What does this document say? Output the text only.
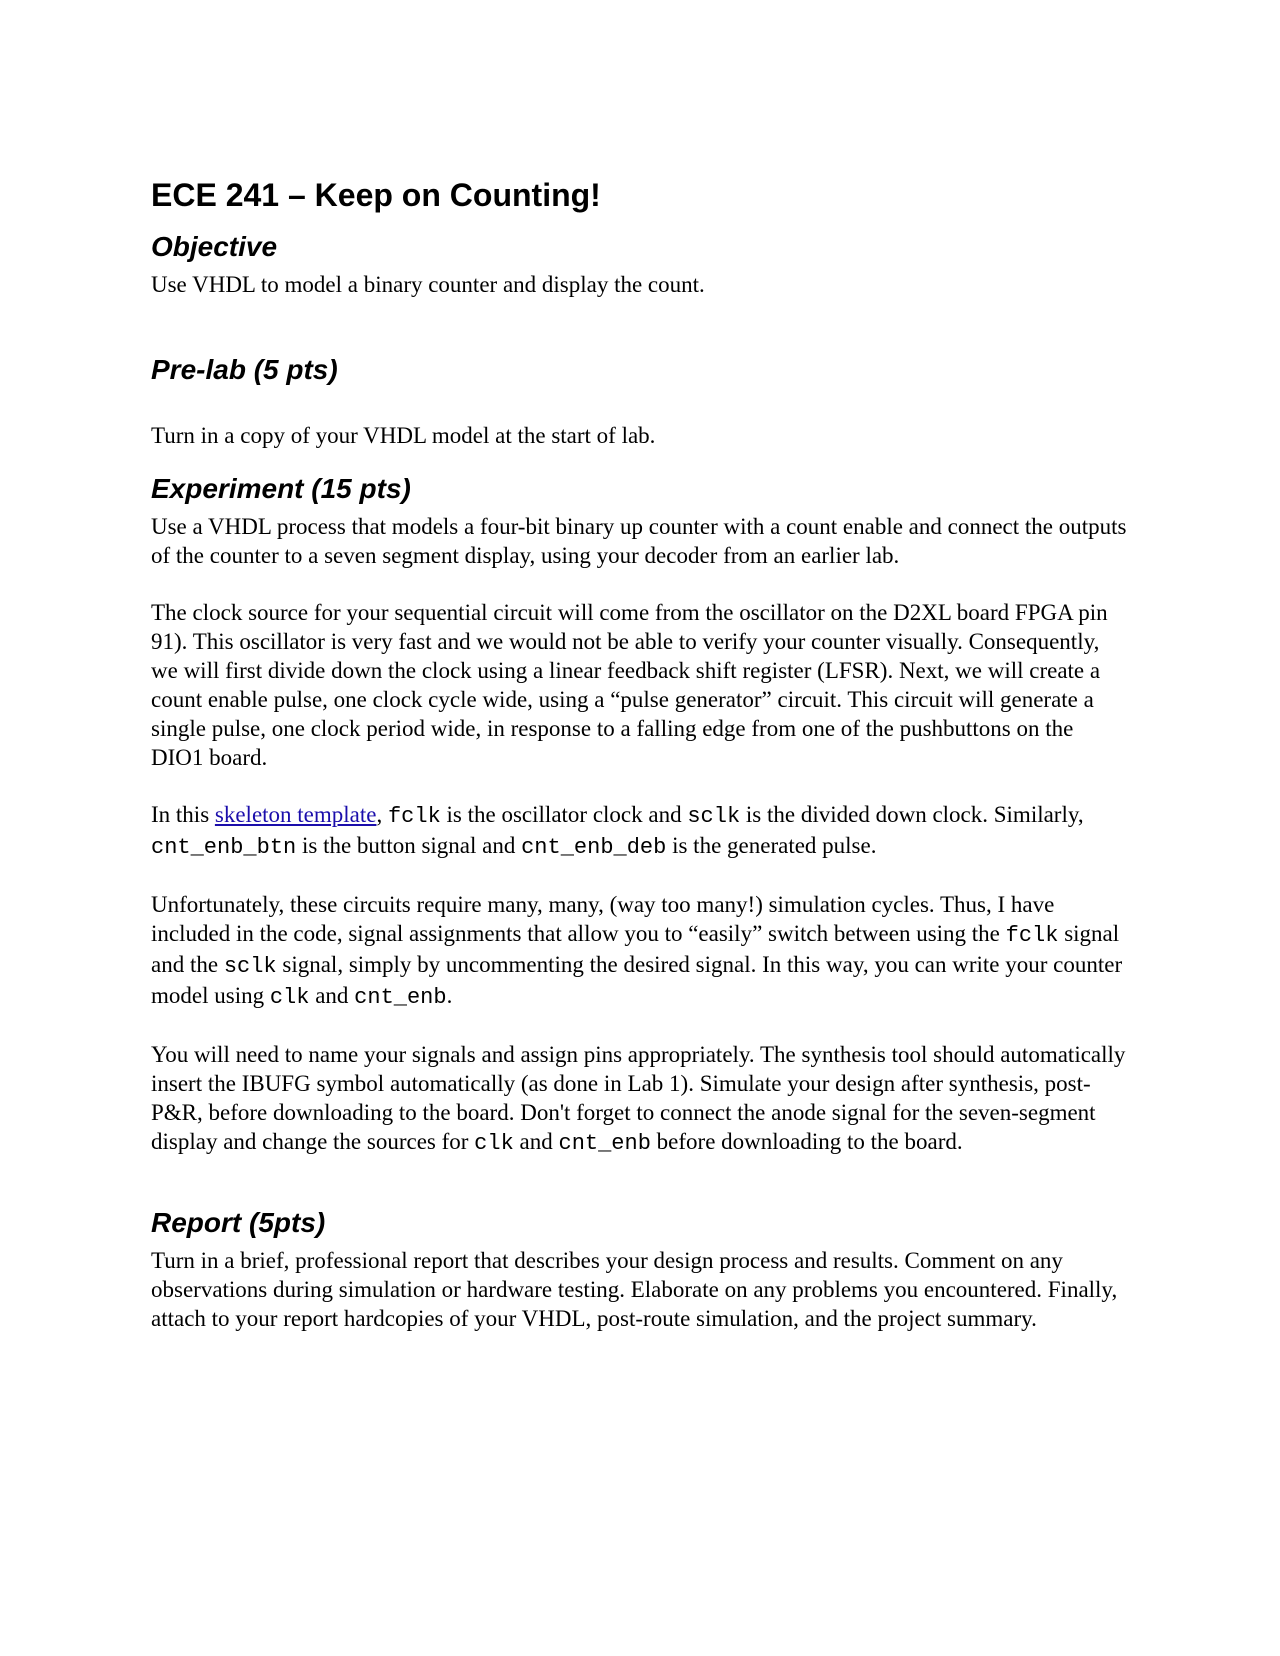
ECE 241 – Keep on Counting!
Objective

Use VHDL to model a binary counter and display the count.

Pre-lab (5 pts)

Turn in a copy of your VHDL model at the start of lab.

Experiment (15 pts)

Use a VHDL process that models a four-bit binary up counter with a count enable and connect the outputs of the counter to a seven segment display, using your decoder from an earlier lab.

The clock source for your sequential circuit will come from the oscillator on the D2XL board FPGA pin 91). This oscillator is very fast and we would not be able to verify your counter visually. Consequently, we will first divide down the clock using a linear feedback shift register (LFSR). Next, we will create a count enable pulse, one clock cycle wide, using a “pulse generator” circuit. This circuit will generate a single pulse, one clock period wide, in response to a falling edge from one of the pushbuttons on the DIO1 board.

In this skeleton template, fclk is the oscillator clock and sclk is the divided down clock. Similarly, cnt_enb_btn is the button signal and cnt_enb_deb is the generated pulse.

Unfortunately, these circuits require many, many, (way too many!) simulation cycles. Thus, I have included in the code, signal assignments that allow you to “easily” switch between using the fclk signal and the sclk signal, simply by uncommenting the desired signal. In this way, you can write your counter model using clk and cnt_enb.

You will need to name your signals and assign pins appropriately. The synthesis tool should automatically insert the IBUFG symbol automatically (as done in Lab 1). Simulate your design after synthesis, post-P&R, before downloading to the board. Don't forget to connect the anode signal for the seven-segment display and change the sources for clk and cnt_enb before downloading to the board.

Report (5pts)

Turn in a brief, professional report that describes your design process and results. Comment on any observations during simulation or hardware testing. Elaborate on any problems you encountered. Finally, attach to your report hardcopies of your VHDL, post-route simulation, and the project summary.
